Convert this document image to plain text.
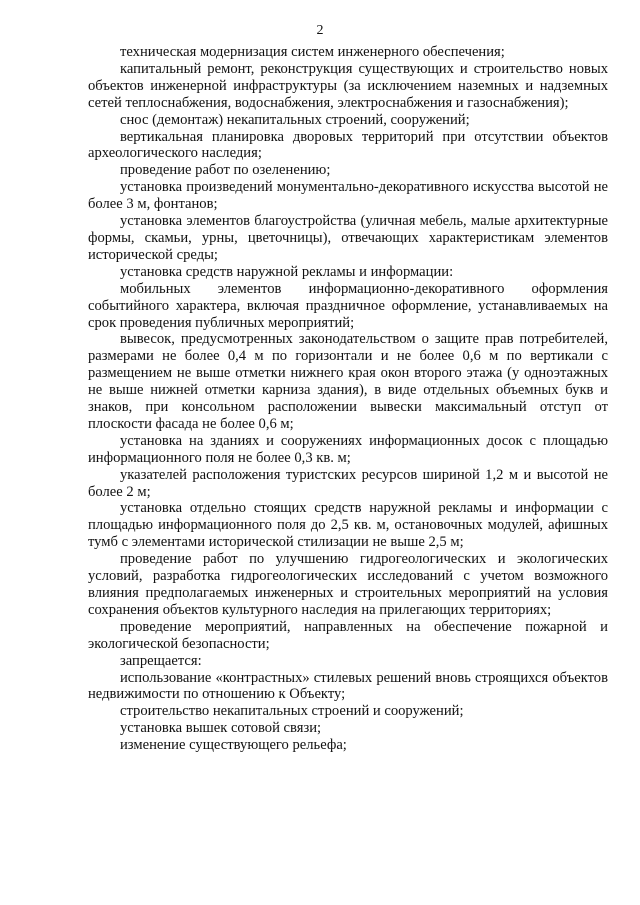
2

техническая модернизация систем инженерного обеспечения;

капитальный ремонт, реконструкция существующих и строительство новых объектов инженерной инфраструктуры (за исключением наземных и надземных сетей теплоснабжения, водоснабжения, электроснабжения и газоснабжения);

снос (демонтаж) некапитальных строений, сооружений;

вертикальная планировка дворовых территорий при отсутствии объектов археологического наследия;

проведение работ по озеленению;

установка произведений монументально-декоративного искусства высотой не более 3 м, фонтанов;

установка элементов благоустройства (уличная мебель, малые архитектурные формы, скамьи, урны, цветочницы), отвечающих характеристикам элементов исторической среды;

установка средств наружной рекламы и информации:

мобильных элементов информационно-декоративного оформления событийного характера, включая праздничное оформление, устанавливаемых на срок проведения публичных мероприятий;

вывесок, предусмотренных законодательством о защите прав потребителей, размерами не более 0,4 м по горизонтали и не более 0,6 м по вертикали с размещением не выше отметки нижнего края окон второго этажа (у одноэтажных не выше нижней отметки карниза здания), в виде отдельных объемных букв и знаков, при консольном расположении вывески максимальный отступ от плоскости фасада не более 0,6 м;

установка на зданиях и сооружениях информационных досок с площадью информационного поля не более 0,3 кв. м;

указателей расположения туристских ресурсов шириной 1,2 м и высотой не более 2 м;

установка отдельно стоящих средств наружной рекламы и информации с площадью информационного поля до 2,5 кв. м, остановочных модулей, афишных тумб с элементами исторической стилизации не выше 2,5 м;

проведение работ по улучшению гидрогеологических и экологических условий, разработка гидрогеологических исследований с учетом возможного влияния предполагаемых инженерных и строительных мероприятий на условия сохранения объектов культурного наследия на прилегающих территориях;

проведение мероприятий, направленных на обеспечение пожарной и экологической безопасности;

запрещается:

использование «контрастных» стилевых решений вновь строящихся объектов недвижимости по отношению к Объекту;

строительство некапитальных строений и сооружений;

установка вышек сотовой связи;

изменение существующего рельефа;
